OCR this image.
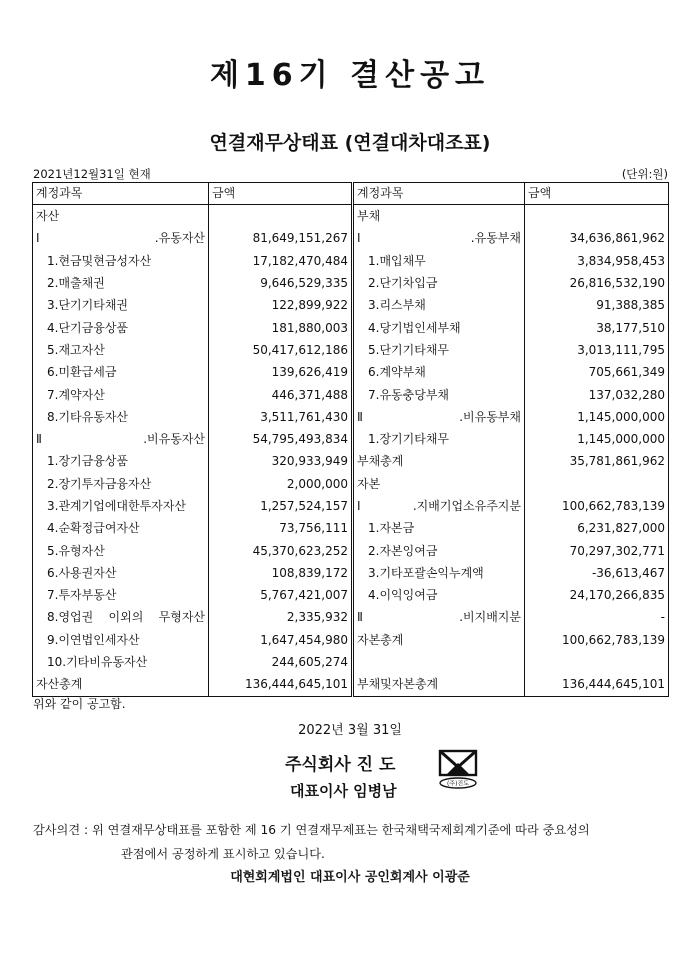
제16기 결산공고
연결재무상태표 (연결대차대조표)
2021년12월31일 현재	(단위:원)
계정과목	금액	계정과목	금액
자산		부채	
Ⅰ.유동자산	81,649,151,267	Ⅰ.유동부채	34,636,861,962
1.현금및현금성자산	17,182,470,484	1.매입채무	3,834,958,453
2.매출채권	9,646,529,335	2.단기차입금	26,816,532,190
3.단기기타채권	122,899,922	3.리스부채	91,388,385
4.단기금융상품	181,880,003	4.당기법인세부채	38,177,510
5.재고자산	50,417,612,186	5.단기기타채무	3,013,111,795
6.미환급세금	139,626,419	6.계약부채	705,661,349
7.계약자산	446,371,488	7.유동충당부채	137,032,280
8.기타유동자산	3,511,761,430	Ⅱ.비유동부채	1,145,000,000
Ⅱ.비유동자산	54,795,493,834	1.장기기타채무	1,145,000,000
1.장기금융상품	320,933,949	부채총계	35,781,861,962
2.장기투자금융자산	2,000,000	자본	
3.관계기업에대한투자자산	1,257,524,157	Ⅰ.지배기업소유주지분	100,662,783,139
4.순확정급여자산	73,756,111	1.자본금	6,231,827,000
5.유형자산	45,370,623,252	2.자본잉여금	70,297,302,771
6.사용권자산	108,839,172	3.기타포괄손익누계액	-36,613,467
7.투자부동산	5,767,421,007	4.이익잉여금	24,170,266,835
8.영업권 이외의 무형자산	2,335,932	Ⅱ.비지배지분	-
9.이연법인세자산	1,647,454,980	자본총계	100,662,783,139
10.기타비유동자산	244,605,274		
자산총계	136,444,645,101	부채및자본총계	136,444,645,101
위와 같이 공고함.
2022년 3월 31일
주식회사 진 도
대표이사 임병남	(주)진도
감사의견 : 위 연결재무상태표를 포함한 제 16 기 연결재무제표는 한국채택국제회계기준에 따라 중요성의
관점에서 공정하게 표시하고 있습니다.
대현회계법인 대표이사 공인회계사 이광준
